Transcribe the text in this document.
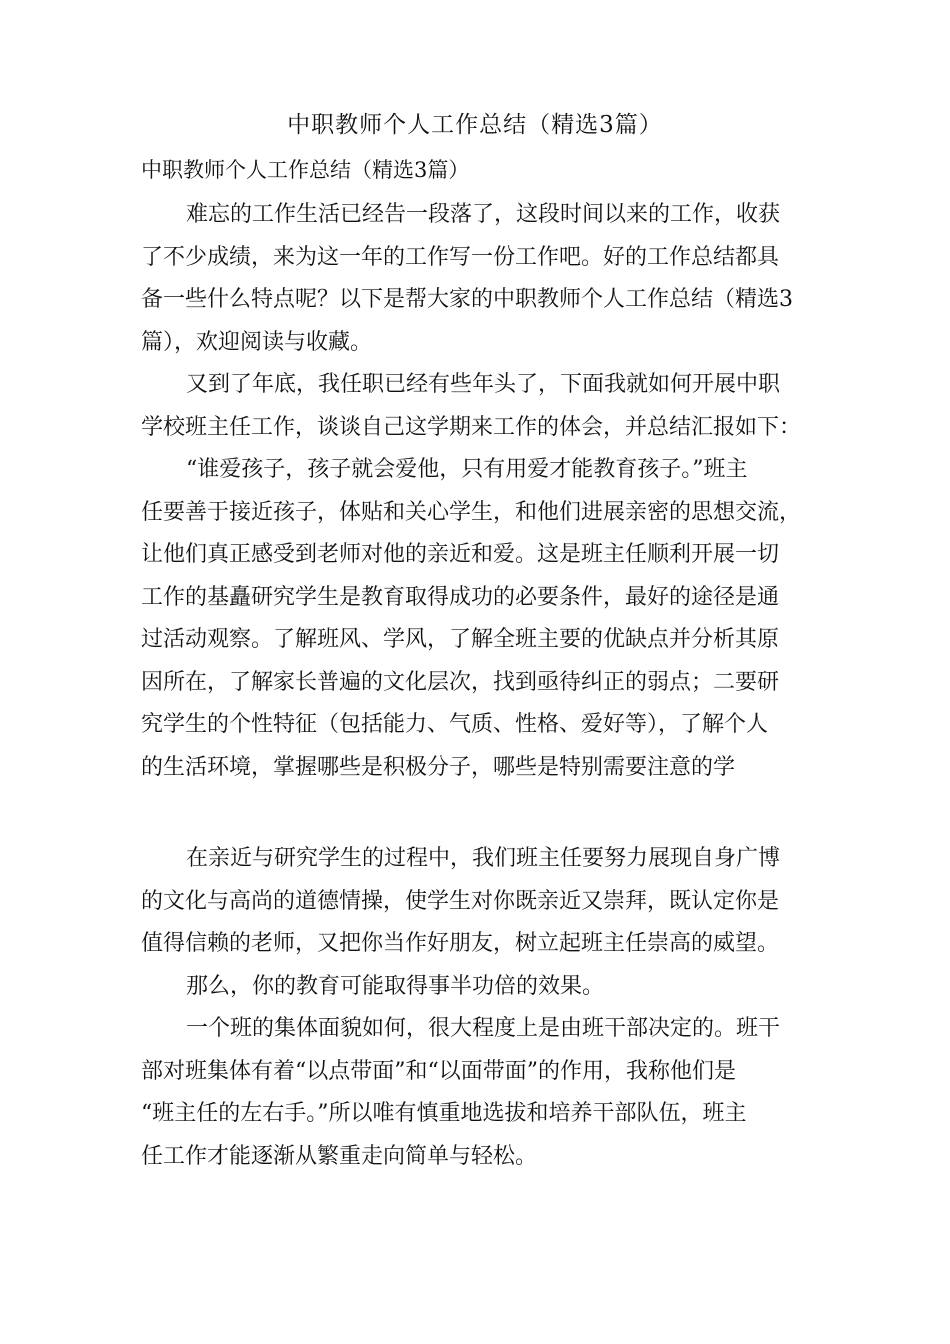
中职教师个人工作总结（精选3篇）
中职教师个人工作总结（精选3篇）
难忘的工作生活已经告一段落了，这段时间以来的工作，收获
了不少成绩，来为这一年的工作写一份工作吧。好的工作总结都具
备一些什么特点呢？以下是帮大家的中职教师个人工作总结（精选3
篇），欢迎阅读与收藏。
又到了年底，我任职已经有些年头了，下面我就如何开展中职
学校班主任工作，谈谈自己这学期来工作的体会，并总结汇报如下：
“谁爱孩子，孩子就会爱他，只有用爱才能教育孩子。”班主
任要善于接近孩子，体贴和关心学生，和他们进展亲密的思想交流，
让他们真正感受到老师对他的亲近和爱。这是班主任顺利开展一切
工作的基矗研究学生是教育取得成功的必要条件，最好的途径是通
过活动观察。了解班风、学风，了解全班主要的优缺点并分析其原
因所在，了解家长普遍的文化层次，找到亟待纠正的弱点；二要研
究学生的个性特征（包括能力、气质、性格、爱好等），了解个人
的生活环境，掌握哪些是积极分子，哪些是特别需要注意的学
在亲近与研究学生的过程中，我们班主任要努力展现自身广博
的文化与高尚的道德情操，使学生对你既亲近又崇拜，既认定你是
值得信赖的老师，又把你当作好朋友，树立起班主任崇高的威望。
那么，你的教育可能取得事半功倍的效果。
一个班的集体面貌如何，很大程度上是由班干部决定的。班干
部对班集体有着“以点带面”和“以面带面”的作用，我称他们是
“班主任的左右手。”所以唯有慎重地选拔和培养干部队伍，班主
任工作才能逐渐从繁重走向简单与轻松。
